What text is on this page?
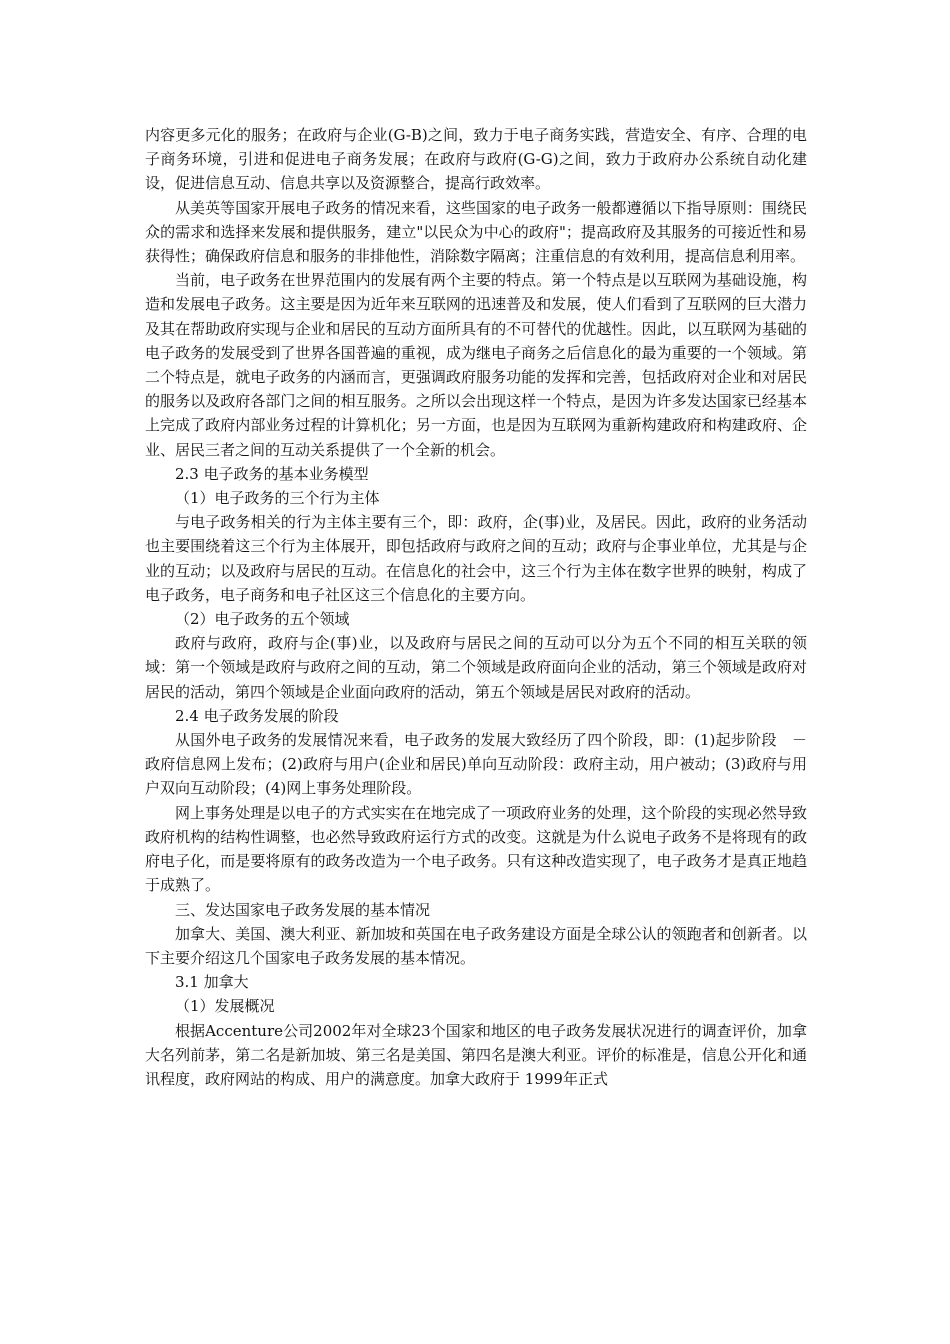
内容更多元化的服务；在政府与企业(G-B)之间，致力于电子商务实践，营造安全、有序、合理的电子商务环境，引进和促进电子商务发展；在政府与政府(G-G)之间，致力于政府办公系统自动化建设，促进信息互动、信息共享以及资源整合，提高行政效率。

从美英等国家开展电子政务的情况来看，这些国家的电子政务一般都遵循以下指导原则：围绕民众的需求和选择来发展和提供服务，建立"以民众为中心的政府"；提高政府及其服务的可接近性和易获得性；确保政府信息和服务的非排他性，消除数字隔离；注重信息的有效利用，提高信息利用率。

当前，电子政务在世界范围内的发展有两个主要的特点。第一个特点是以互联网为基础设施，构造和发展电子政务。这主要是因为近年来互联网的迅速普及和发展，使人们看到了互联网的巨大潜力及其在帮助政府实现与企业和居民的互动方面所具有的不可替代的优越性。因此，以互联网为基础的电子政务的发展受到了世界各国普遍的重视，成为继电子商务之后信息化的最为重要的一个领域。第二个特点是，就电子政务的内涵而言，更强调政府服务功能的发挥和完善，包括政府对企业和对居民的服务以及政府各部门之间的相互服务。之所以会出现这样一个特点，是因为许多发达国家已经基本上完成了政府内部业务过程的计算机化；另一方面，也是因为互联网为重新构建政府和构建政府、企业、居民三者之间的互动关系提供了一个全新的机会。

2.3 电子政务的基本业务模型

（1）电子政务的三个行为主体

与电子政务相关的行为主体主要有三个，即：政府，企(事)业，及居民。因此，政府的业务活动也主要围绕着这三个行为主体展开，即包括政府与政府之间的互动；政府与企事业单位，尤其是与企业的互动；以及政府与居民的互动。在信息化的社会中，这三个行为主体在数字世界的映射，构成了电子政务，电子商务和电子社区这三个信息化的主要方向。

（2）电子政务的五个领域

政府与政府，政府与企(事)业，以及政府与居民之间的互动可以分为五个不同的相互关联的领域：第一个领域是政府与政府之间的互动，第二个领域是政府面向企业的活动，第三个领域是政府对居民的活动，第四个领域是企业面向政府的活动，第五个领域是居民对政府的活动。

2.4 电子政务发展的阶段

从国外电子政务的发展情况来看，电子政务的发展大致经历了四个阶段，即：(1)起步阶段　－　政府信息网上发布；(2)政府与用户(企业和居民)单向互动阶段：政府主动，用户被动；(3)政府与用户双向互动阶段；(4)网上事务处理阶段。

网上事务处理是以电子的方式实实在在地完成了一项政府业务的处理，这个阶段的实现必然导致政府机构的结构性调整，也必然导致政府运行方式的改变。这就是为什么说电子政务不是将现有的政府电子化，而是要将原有的政务改造为一个电子政务。只有这种改造实现了，电子政务才是真正地趋于成熟了。

三、发达国家电子政务发展的基本情况

加拿大、美国、澳大利亚、新加坡和英国在电子政务建设方面是全球公认的领跑者和创新者。以下主要介绍这几个国家电子政务发展的基本情况。

3.1 加拿大

（1）发展概况

根据Accenture公司2002年对全球23个国家和地区的电子政务发展状况进行的调查评价，加拿大名列前茅，第二名是新加坡、第三名是美国、第四名是澳大利亚。评价的标准是，信息公开化和通讯程度，政府网站的构成、用户的满意度。加拿大政府于 1999年正式
